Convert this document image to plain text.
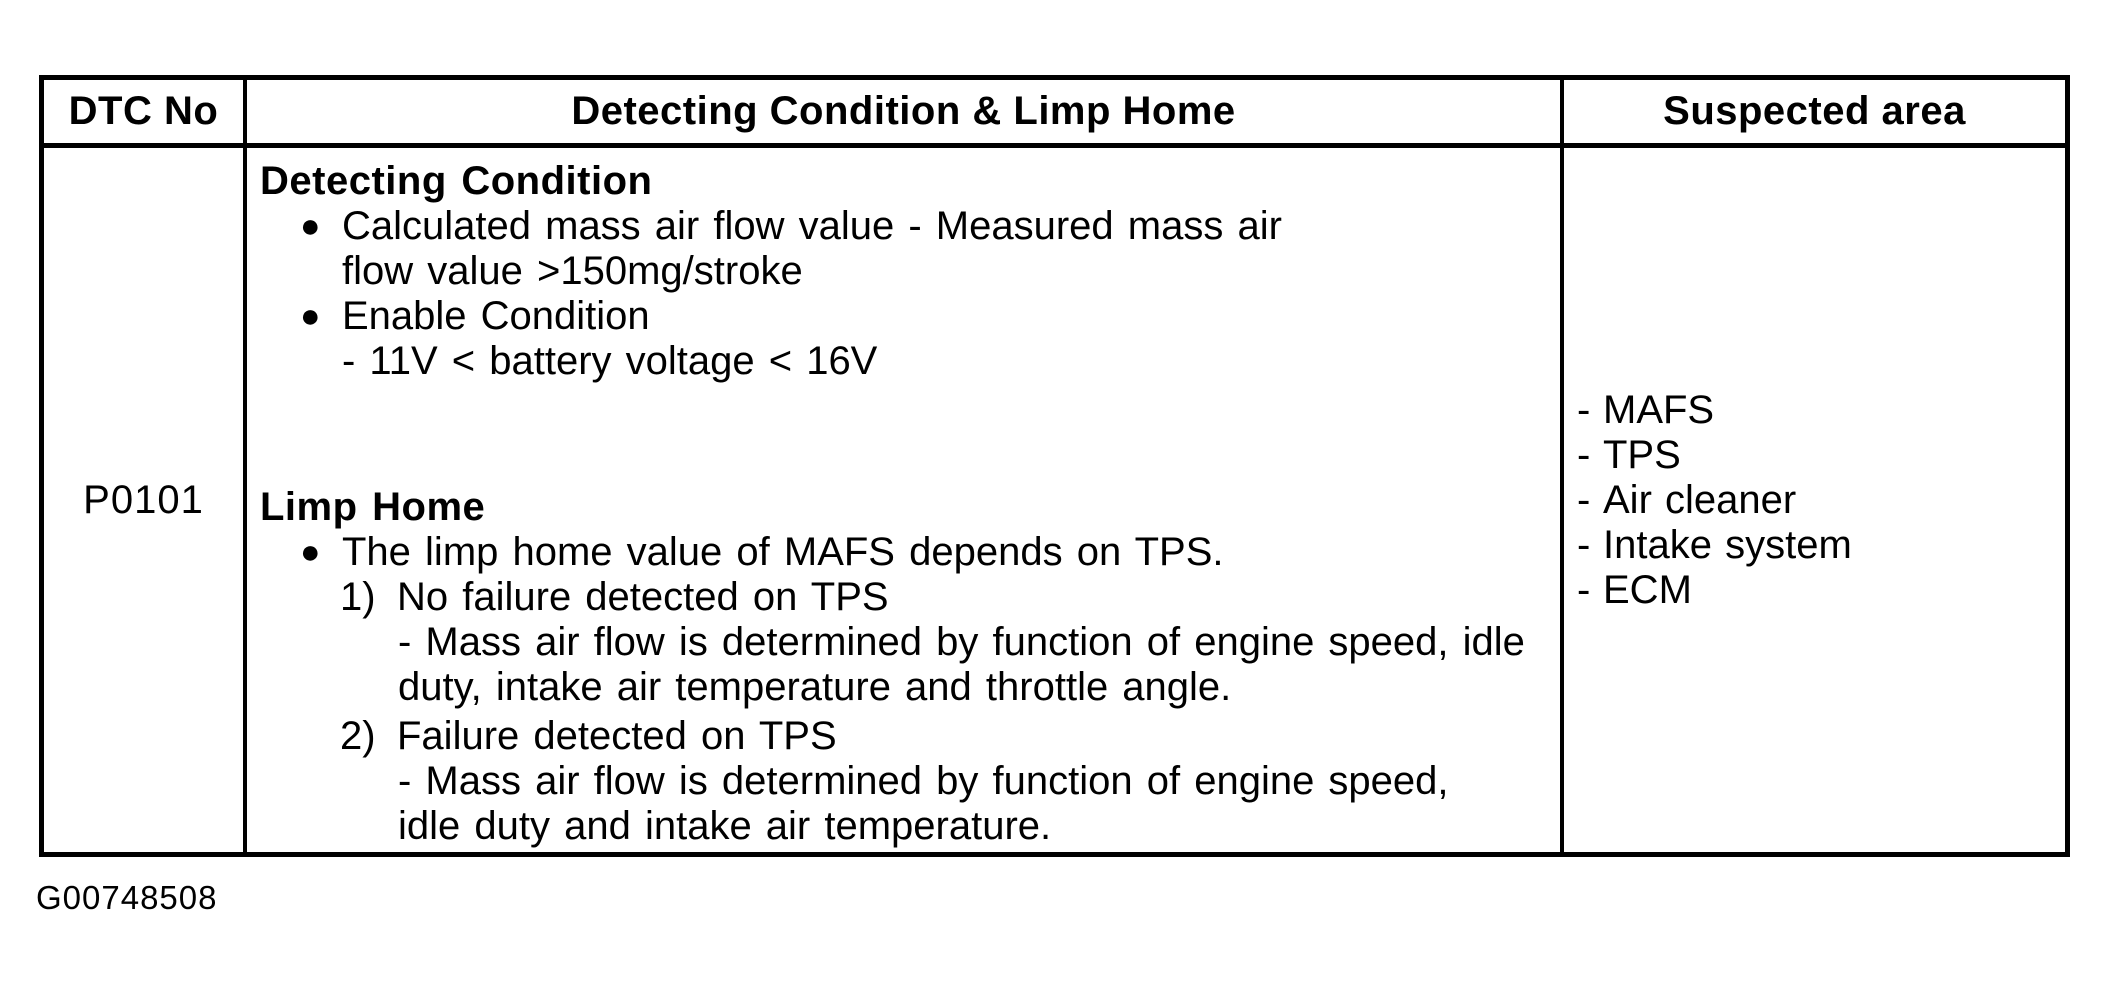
DTC No	Detecting Condition & Limp Home	Suspected area
P0101
Detecting Condition
● Calculated mass air flow value - Measured mass air
flow value >150mg/stroke
● Enable Condition
- 11V < battery voltage < 16V
Limp Home
● The limp home value of MAFS depends on TPS.
1) No failure detected on TPS
- Mass air flow is determined by function of engine speed, idle
duty, intake air temperature and throttle angle.
2) Failure detected on TPS
- Mass air flow is determined by function of engine speed,
idle duty and intake air temperature.
- MAFS
- TPS
- Air cleaner
- Intake system
- ECM
G00748508
